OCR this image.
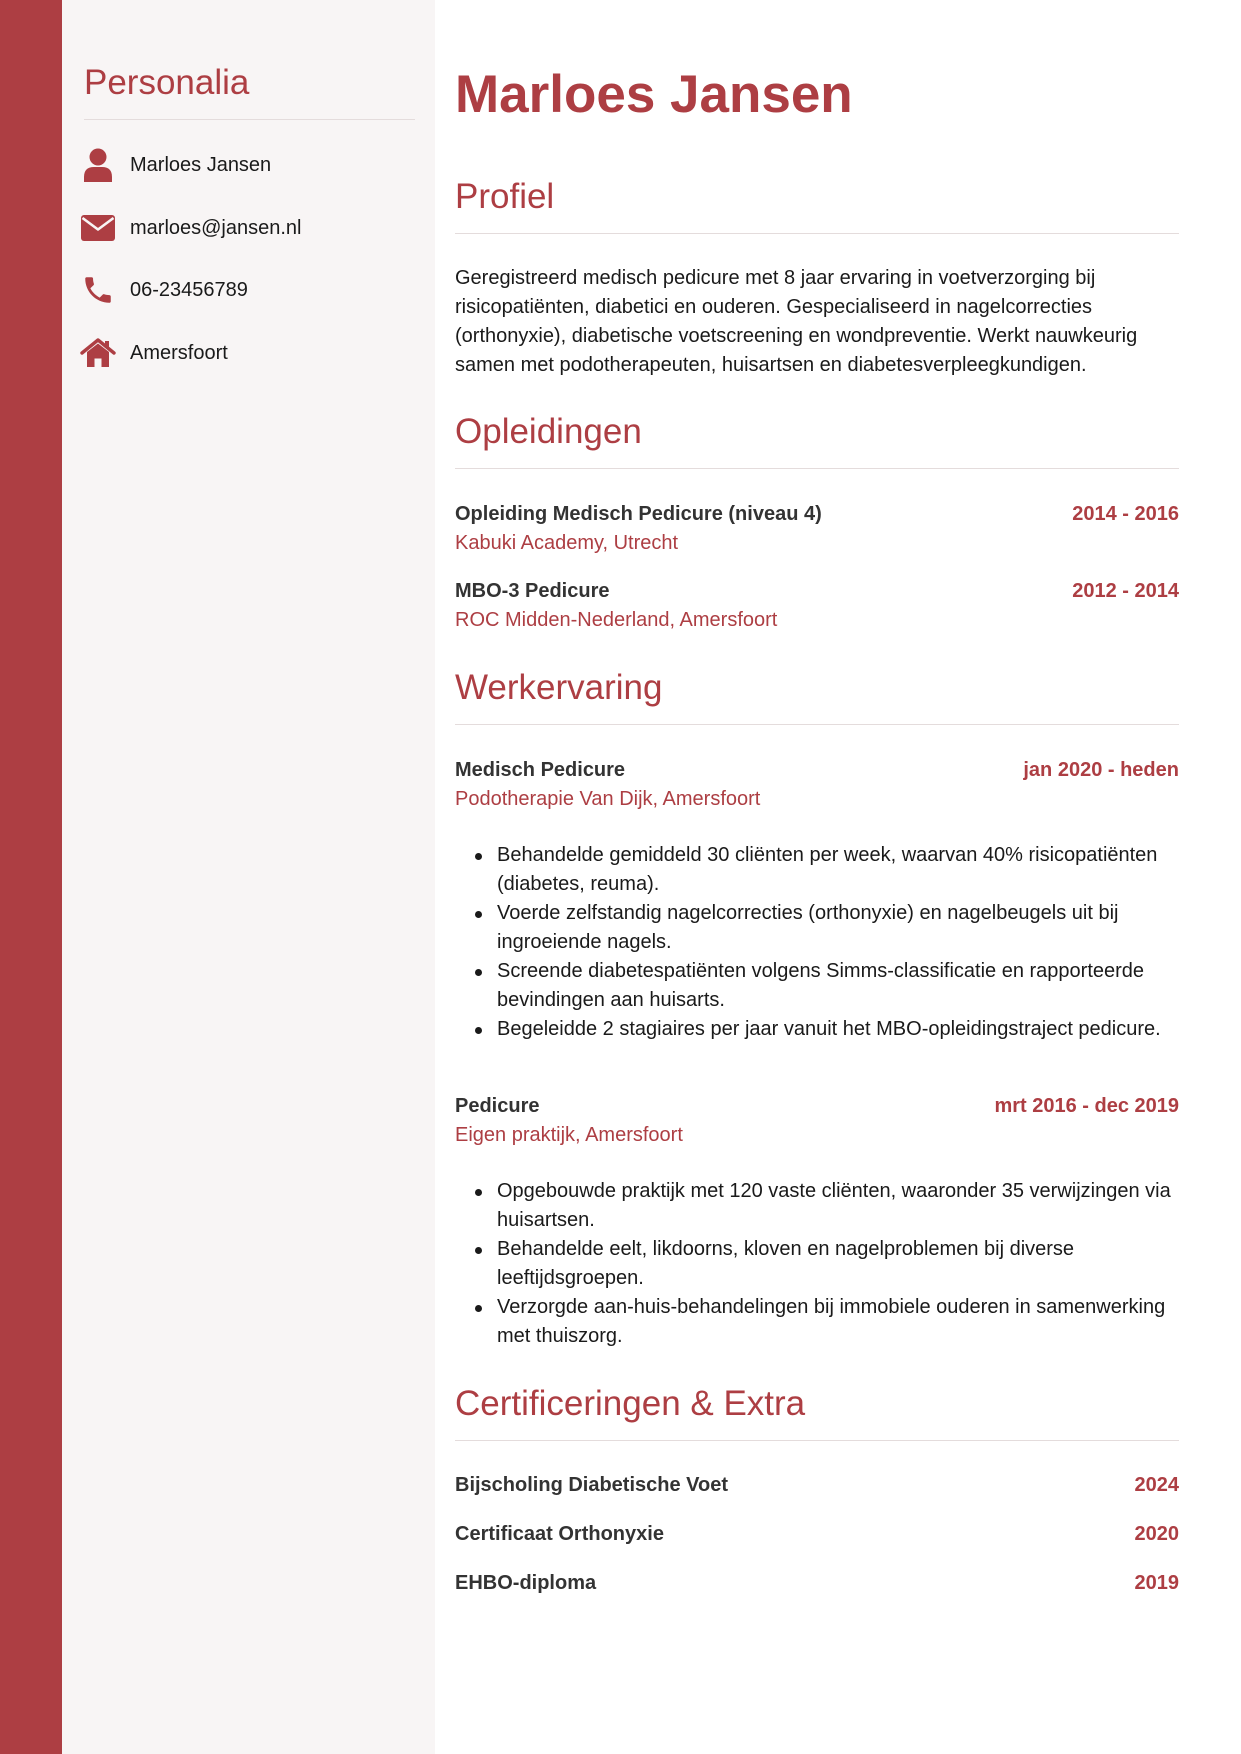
Personalia
Marloes Jansen
marloes@jansen.nl
06-23456789
Amersfoort
Marloes Jansen
Profiel

Geregistreerd medisch pedicure met 8 jaar ervaring in voetverzorging bij risicopatiënten, diabetici en ouderen. Gespecialiseerd in nagelcorrecties (orthonyxie), diabetische voetscreening en wondpreventie. Werkt nauwkeurig samen met podotherapeuten, huisartsen en diabetesverpleegkundigen.

Opleidingen
Opleiding Medisch Pedicure (niveau 4)	2014 - 2016
Kabuki Academy, Utrecht
MBO-3 Pedicure	2012 - 2014
ROC Midden-Nederland, Amersfoort
Werkervaring
Medisch Pedicure	jan 2020 - heden
Podotherapie Van Dijk, Amersfoort
Behandelde gemiddeld 30 cliënten per week, waarvan 40% risicopatiënten (diabetes, reuma).
Voerde zelfstandig nagelcorrecties (orthonyxie) en nagelbeugels uit bij ingroeiende nagels.
Screende diabetespatiënten volgens Simms-classificatie en rapporteerde bevindingen aan huisarts.
Begeleidde 2 stagiaires per jaar vanuit het MBO-opleidingstraject pedicure.
Pedicure	mrt 2016 - dec 2019
Eigen praktijk, Amersfoort
Opgebouwde praktijk met 120 vaste cliënten, waaronder 35 verwijzingen via huisartsen.
Behandelde eelt, likdoorns, kloven en nagelproblemen bij diverse leeftijdsgroepen.
Verzorgde aan-huis-behandelingen bij immobiele ouderen in samenwerking met thuiszorg.
Certificeringen & Extra
Bijscholing Diabetische Voet	2024
Certificaat Orthonyxie	2020
EHBO-diploma	2019
